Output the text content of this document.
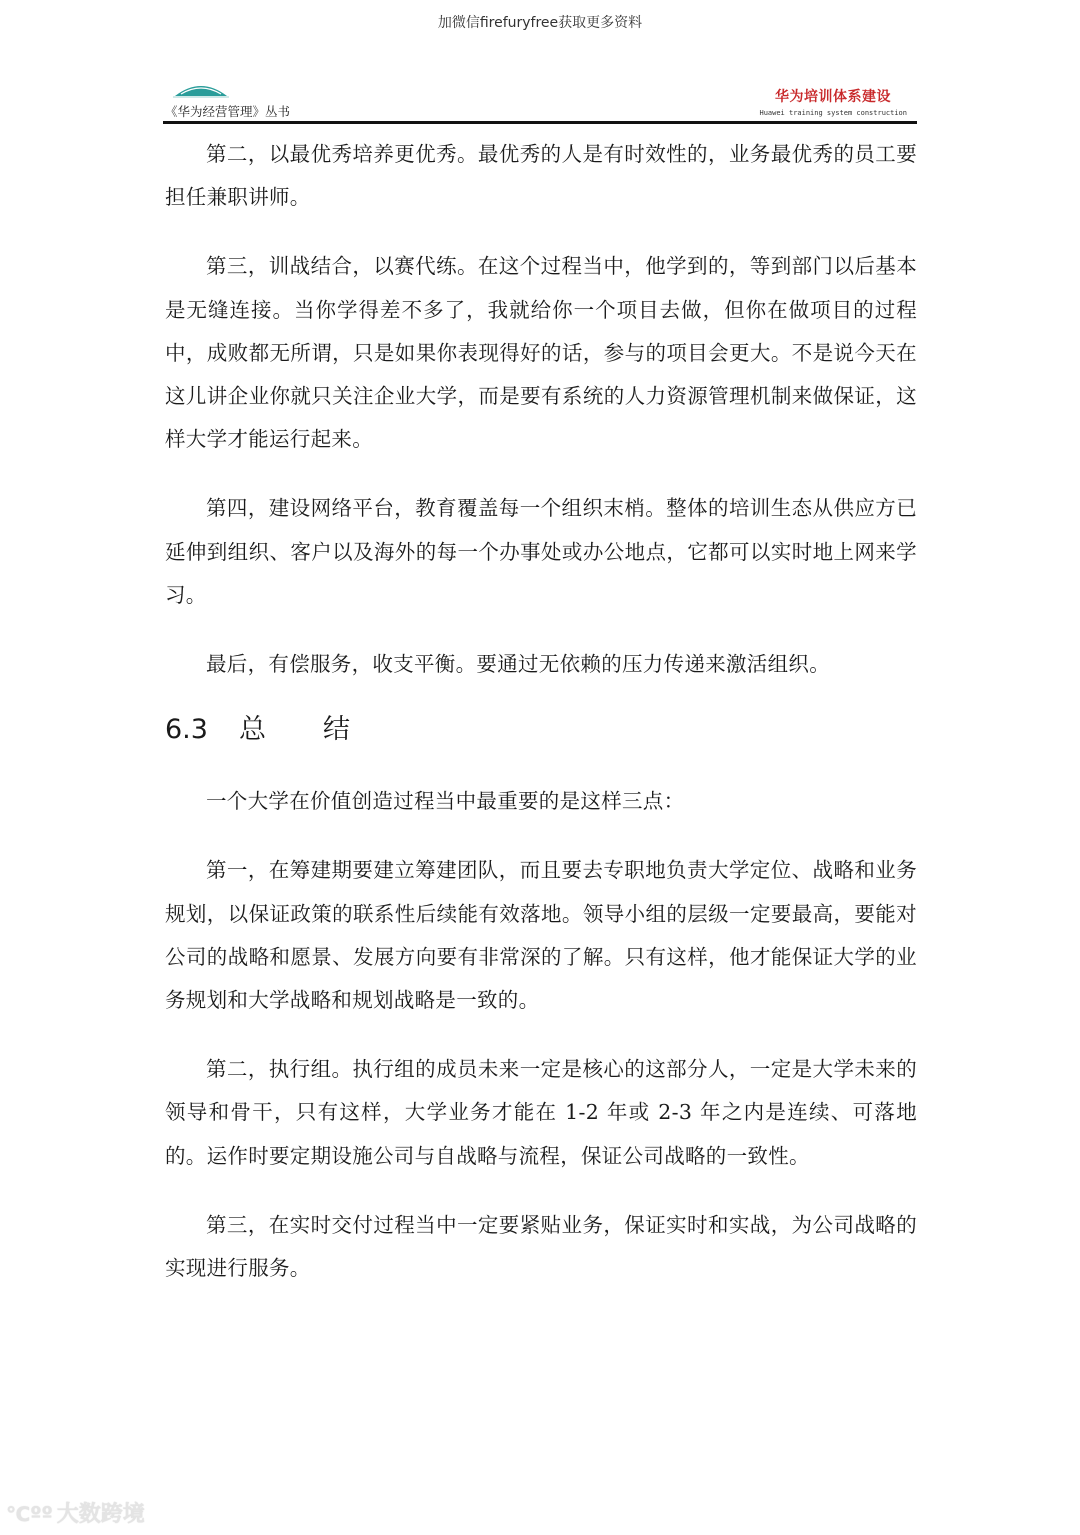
加微信firefuryfree获取更多资料
《华为经营管理》丛书
华为培训体系建设
Huawei training system construction

第二，以最优秀培养更优秀。最优秀的人是有时效性的，业务最优秀的员工要担任兼职讲师。

第三，训战结合，以赛代练。在这个过程当中，他学到的，等到部门以后基本是无缝连接。当你学得差不多了，我就给你一个项目去做，但你在做项目的过程中，成败都无所谓，只是如果你表现得好的话，参与的项目会更大。不是说今天在这儿讲企业你就只关注企业大学，而是要有系统的人力资源管理机制来做保证，这样大学才能运行起来。

第四，建设网络平台，教育覆盖每一个组织末梢。整体的培训生态从供应方已延伸到组织、客户以及海外的每一个办事处或办公地点，它都可以实时地上网来学习。

最后，有偿服务，收支平衡。要通过无依赖的压力传递来激活组织。

6.3 总 结

一个大学在价值创造过程当中最重要的是这样三点：

第一，在筹建期要建立筹建团队，而且要去专职地负责大学定位、战略和业务规划，以保证政策的联系性后续能有效落地。领导小组的层级一定要最高，要能对公司的战略和愿景、发展方向要有非常深的了解。只有这样，他才能保证大学的业务规划和大学战略和规划战略是一致的。

第二，执行组。执行组的成员未来一定是核心的这部分人，一定是大学未来的领导和骨干，只有这样，大学业务才能在 1-2 年或 2-3 年之内是连续、可落地的。运作时要定期设施公司与自战略与流程，保证公司战略的一致性。

第三，在实时交付过程当中一定要紧贴业务，保证实时和实战，为公司战略的实现进行服务。

℃ºº 大数跨境
